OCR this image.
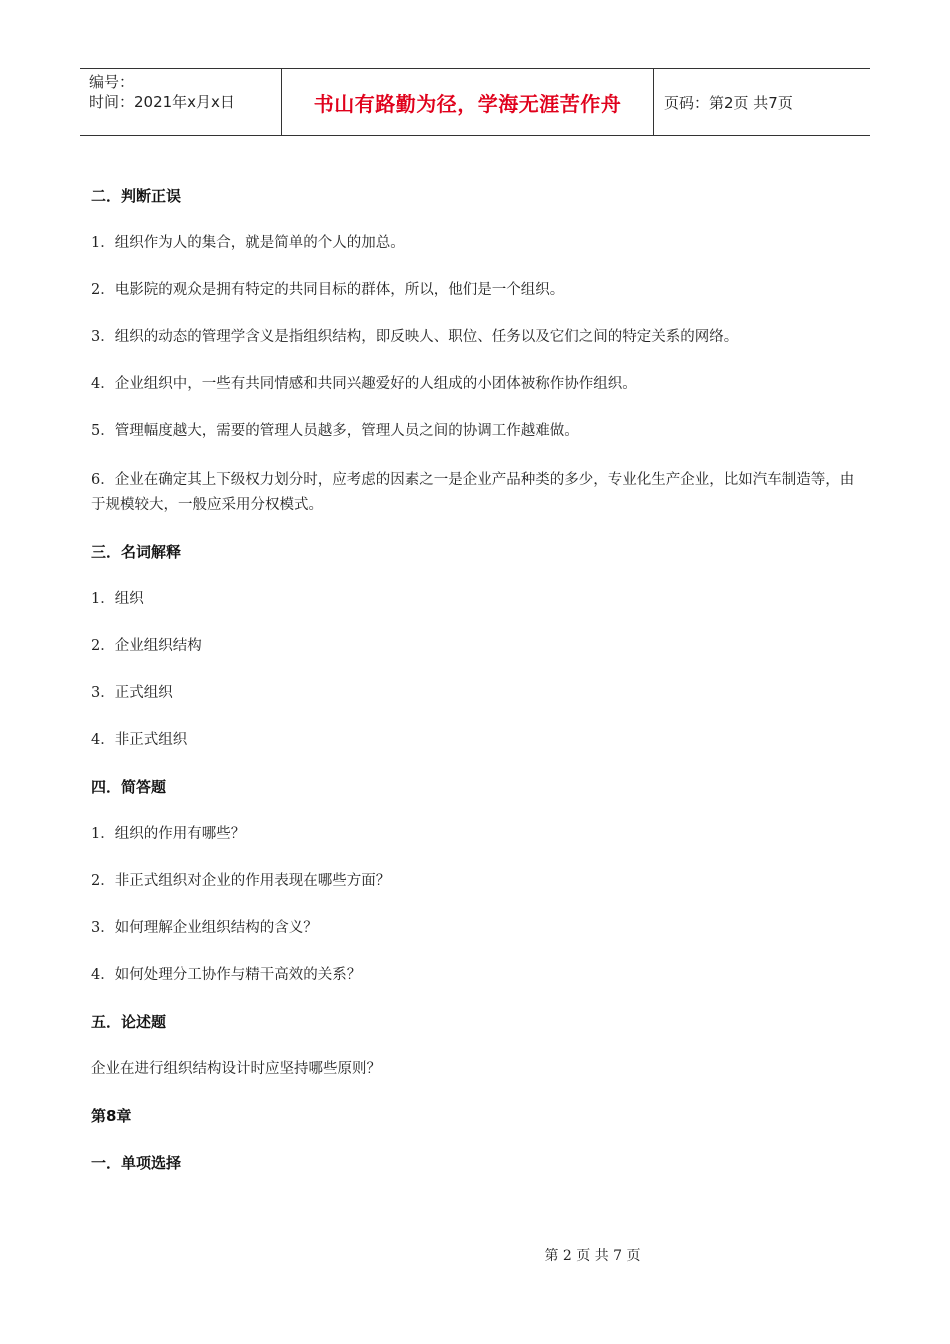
编号：
时间：2021年x月x日	书山有路勤为径，学海无涯苦作舟	页码：第2页 共7页
二．判断正误
1．组织作为人的集合，就是简单的个人的加总。
2．电影院的观众是拥有特定的共同目标的群体，所以，他们是一个组织。
3．组织的动态的管理学含义是指组织结构，即反映人、职位、任务以及它们之间的特定关系的网络。
4．企业组织中，一些有共同情感和共同兴趣爱好的人组成的小团体被称作协作组织。
5．管理幅度越大，需要的管理人员越多，管理人员之间的协调工作越难做。
6．企业在确定其上下级权力划分时，应考虑的因素之一是企业产品种类的多少，专业化生产企业，比如汽车制造等，由于规模较大，一般应采用分权模式。
三．名词解释
1．组织
2．企业组织结构
3．正式组织
4．非正式组织
四．简答题
1．组织的作用有哪些？
2．非正式组织对企业的作用表现在哪些方面？
3．如何理解企业组织结构的含义？
4．如何处理分工协作与精干高效的关系？
五．论述题
企业在进行组织结构设计时应坚持哪些原则？
第8章
一．单项选择
第 2 页 共 7 页
